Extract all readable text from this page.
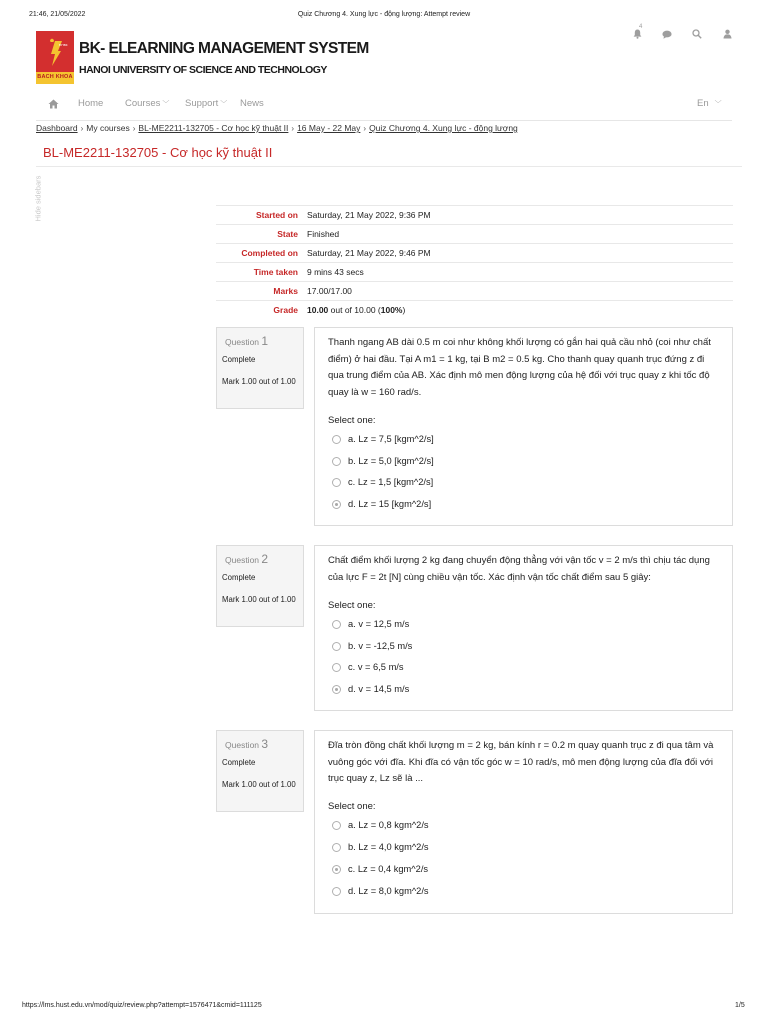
21:46, 21/05/2022	Quiz Chương 4. Xung lực - động lượng: Attempt review
ĐHBK
BACH KHOA
BK- ELEARNING MANAGEMENT SYSTEM
HANOI UNIVERSITY OF SCIENCE AND TECHNOLOGY
4
Home Courses ﹀ Support ﹀ News	En ﹀
Dashboard › My courses › BL-ME2211-132705 - Cơ học kỹ thuật II › 16 May - 22 May › Quiz Chương 4. Xung lực - động lượng
BL-ME2211-132705 - Cơ học kỹ thuật II
Hide sidebars	Started on Saturday, 21 May 2022, 9:36 PM
State Finished
Completed on Saturday, 21 May 2022, 9:46 PM
Time taken 9 mins 43 secs
Marks 17.00/17.00
Grade 10.00 out of 10.00 (100%)
Question 1
Complete
Mark 1.00 out of 1.00
Thanh ngang AB dài 0.5 m coi như không khối lượng có gắn hai quả cầu nhỏ (coi như chất điểm) ở hai đầu. Tại A m1 = 1 kg, tại B m2 = 0.5 kg. Cho thanh quay quanh trục đứng z đi qua trung điểm của AB. Xác định mô men động lượng của hệ đối với trục quay z khi tốc độ quay là w = 160 rad/s.
Select one:
a. Lz = 7,5 [kgm^2/s]
b. Lz = 5,0 [kgm^2/s]
c. Lz = 1,5 [kgm^2/s]
d. Lz = 15 [kgm^2/s]
Question 2
Complete
Mark 1.00 out of 1.00
Chất điểm khối lượng 2 kg đang chuyển động thẳng với vận tốc v = 2 m/s thì chịu tác dụng của lực F = 2t [N] cùng chiều vận tốc. Xác định vận tốc chất điểm sau 5 giây:
Select one:
a. v = 12,5 m/s
b. v = -12,5 m/s
c. v = 6,5 m/s
d. v = 14,5 m/s
Question 3
Complete
Mark 1.00 out of 1.00
Đĩa tròn đồng chất khối lượng m = 2 kg, bán kính r = 0.2 m quay quanh trục z đi qua tâm và vuông góc với đĩa. Khi đĩa có vận tốc góc w = 10 rad/s, mô men động lượng của đĩa đối với trục quay z, Lz sẽ là ...
Select one:
a. Lz = 0,8 kgm^2/s
b. Lz = 4,0 kgm^2/s
c. Lz = 0,4 kgm^2/s
d. Lz = 8,0 kgm^2/s
https://lms.hust.edu.vn/mod/quiz/review.php?attempt=1576471&cmid=111125	1/5
